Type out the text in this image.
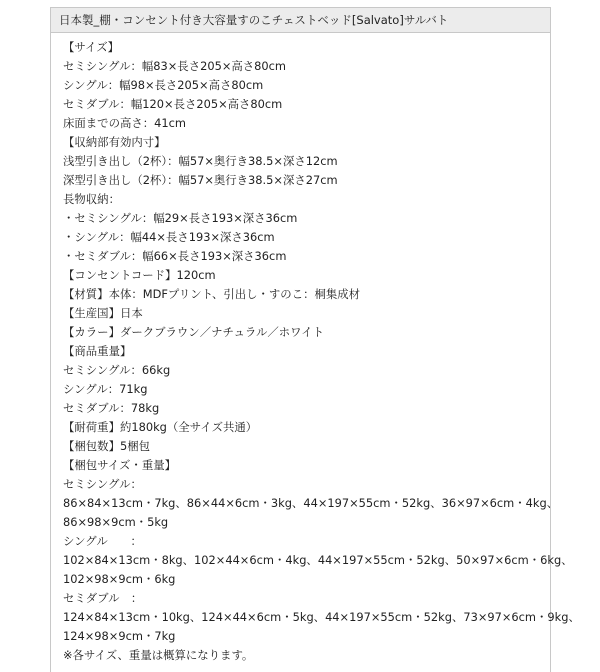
日本製_棚・コンセント付き大容量すのこチェストベッド[Salvato]サルバト
【サイズ】
セミシングル：幅83×長さ205×高さ80cm
シングル：幅98×長さ205×高さ80cm
セミダブル：幅120×長さ205×高さ80cm
床面までの高さ：41cm
【収納部有効内寸】
浅型引き出し（2杯）：幅57×奥行き38.5×深さ12cm
深型引き出し（2杯）：幅57×奥行き38.5×深さ27cm
長物収納：
・セミシングル：幅29×長さ193×深さ36cm
・シングル：幅44×長さ193×深さ36cm
・セミダブル：幅66×長さ193×深さ36cm
【コンセントコード】120cm
【材質】本体：MDFプリント、引出し・すのこ：桐集成材
【生産国】日本
【カラー】ダークブラウン／ナチュラル／ホワイト
【商品重量】
セミシングル：66kg
シングル：71kg
セミダブル：78kg
【耐荷重】約180kg（全サイズ共通）
【梱包数】5梱包
【梱包サイズ・重量】
セミシングル：
86×84×13cm・7kg、86×44×6cm・3kg、44×197×55cm・52kg、36×97×6cm・4kg、
86×98×9cm・5kg
シングル　　：
102×84×13cm・8kg、102×44×6cm・4kg、44×197×55cm・52kg、50×97×6cm・6kg、
102×98×9cm・6kg
セミダブル　：
124×84×13cm・10kg、124×44×6cm・5kg、44×197×55cm・52kg、73×97×6cm・9kg、
124×98×9cm・7kg
※各サイズ、重量は概算になります。
